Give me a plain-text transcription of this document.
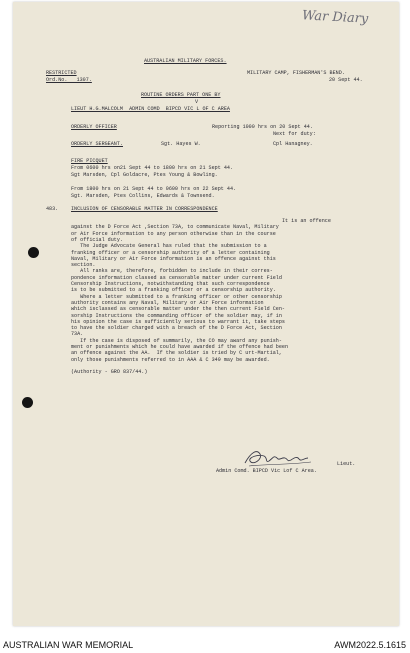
War Diary
AUSTRALIAN MILITARY FORCES.
RESTRICTED
Ord.No.   1307.
MILITARY CAMP, FISHERMAN'S BEND.
20 Sept 44.
ROUTINE ORDERS PART ONE BY
V
LIEUT H.G.MALCOLM  ADMIN COMD  BIPCD VIC L OF C AREA
ORDERLY OFFICER	Reporting 1000 hrs on 20 Sept 44.
Next for duty:
ORDERLY SERGEANT.	Sgt. Hayes W.	Cpl Hanagney.
FIRE PICQUET
From 0600 hrs on21 Sept 44 to 1800 hrs on 21 Sept 44.
Sgt Marsden, Cpl Goldacre, Ptes Young & Bowling.
From 1800 hrs on 21 Sept 44 to 0600 hrs on 22 Sept 44.
Sgt. Marsden, Ptes Collins, Edwards & Townsend.
483.	INCLUSION OF CENSORABLE MATTER IN CORRESPONDENCE
It is an offence
against the D Force Act ,Section 73A, to communicate Naval, Military
or Air Force information to any person otherwise than in the course
of official duty.
The Judge Advocate General has ruled that the submission to a
franking officer or a censorship authority of a letter containing
Naval, Military or Air Force information is an offence against this
section.
All ranks are, therefore, forbidden to include in their corres-
pondence information classed as censorable matter under current Field
Censorship Instructions, notwithstanding that such correspondence
is to be submitted to a franking officer or a censorship authority.
Where a letter submitted to a franking officer or other censorship
authority contains any Naval, Military or Air Force information
which isclassed as censorable matter under the then current Field Cen-
sorship Instructions the commanding officer of the soldier may, if in
his opinion the case is sufficiently serious to warrant it, take steps
to have the soldier charged with a breach of the D Force Act, Section
73A.
If the case is disposed of summarily, the CO may award any punish-
ment or punishments which he could have awarded if the offence had been
an offence against the AA.  If the soldier is tried by C urt-Martial,
only those punishments referred to in AAA & C 349 may be awarded.
(Authority - GRO 837/44.)
Lieut.
Admin Comd. BIPCD Vic Lof C Area.
AUSTRALIAN WAR MEMORIAL	AWM2022.5.1615
